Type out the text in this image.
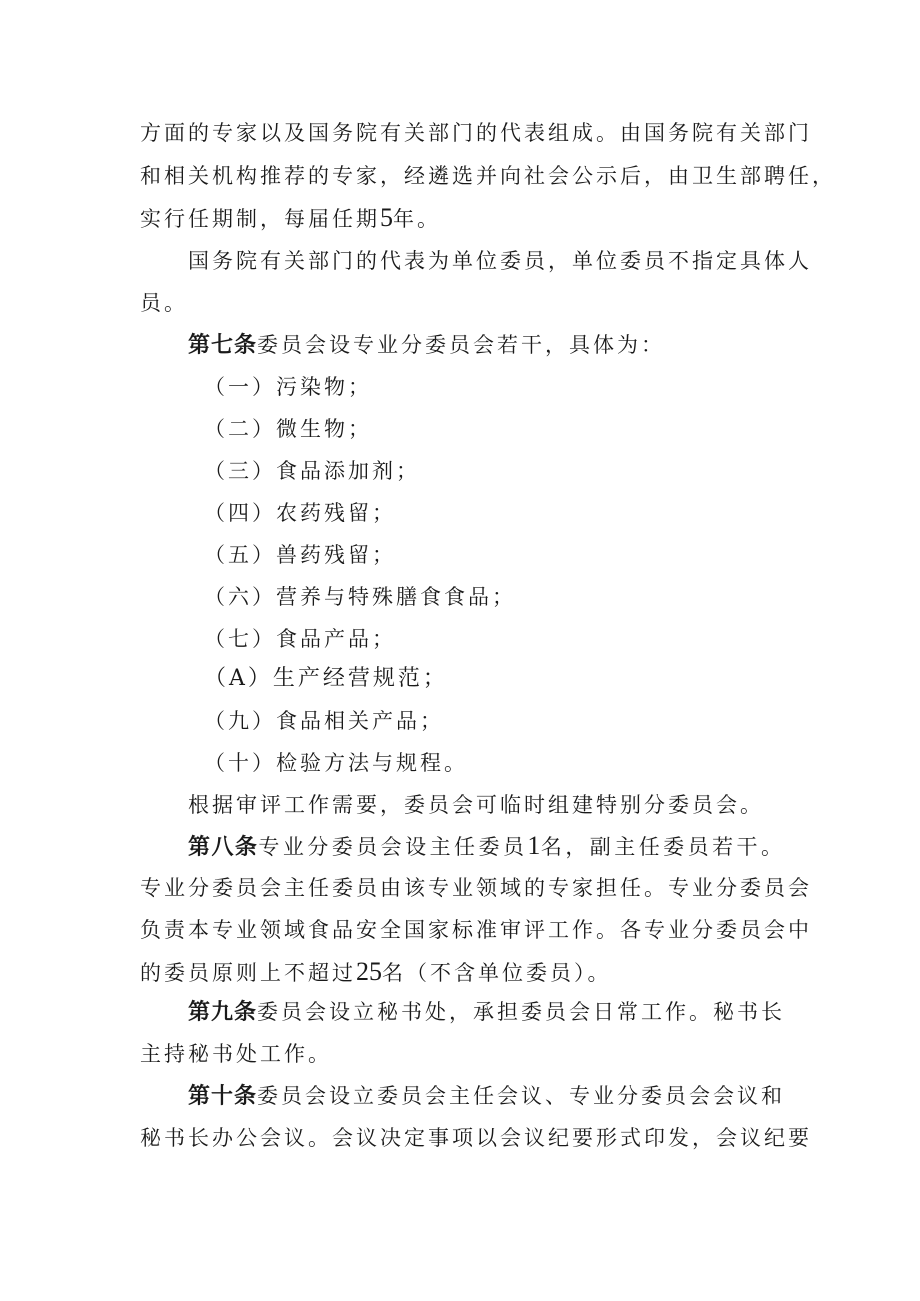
方面的专家以及国务院有关部门的代表组成。由国务院有关部门
和相关机构推荐的专家，经遴选并向社会公示后，由卫生部聘任，
实行任期制，每届任期5年。
国务院有关部门的代表为单位委员，单位委员不指定具体人
员。
第七条委员会设专业分委员会若干，具体为：
（一）污染物；
（二）微生物；
（三）食品添加剂；
（四）农药残留；
（五）兽药残留；
（六）营养与特殊膳食食品；
（七）食品产品；
（A）生产经营规范；
（九）食品相关产品；
（十）检验方法与规程。
根据审评工作需要，委员会可临时组建特别分委员会。
第八条专业分委员会设主任委员1名，副主任委员若干。
专业分委员会主任委员由该专业领域的专家担任。专业分委员会
负责本专业领域食品安全国家标准审评工作。各专业分委员会中
的委员原则上不超过25名（不含单位委员）。
第九条委员会设立秘书处，承担委员会日常工作。秘书长
主持秘书处工作。
第十条委员会设立委员会主任会议、专业分委员会会议和
秘书长办公会议。会议决定事项以会议纪要形式印发，会议纪要
